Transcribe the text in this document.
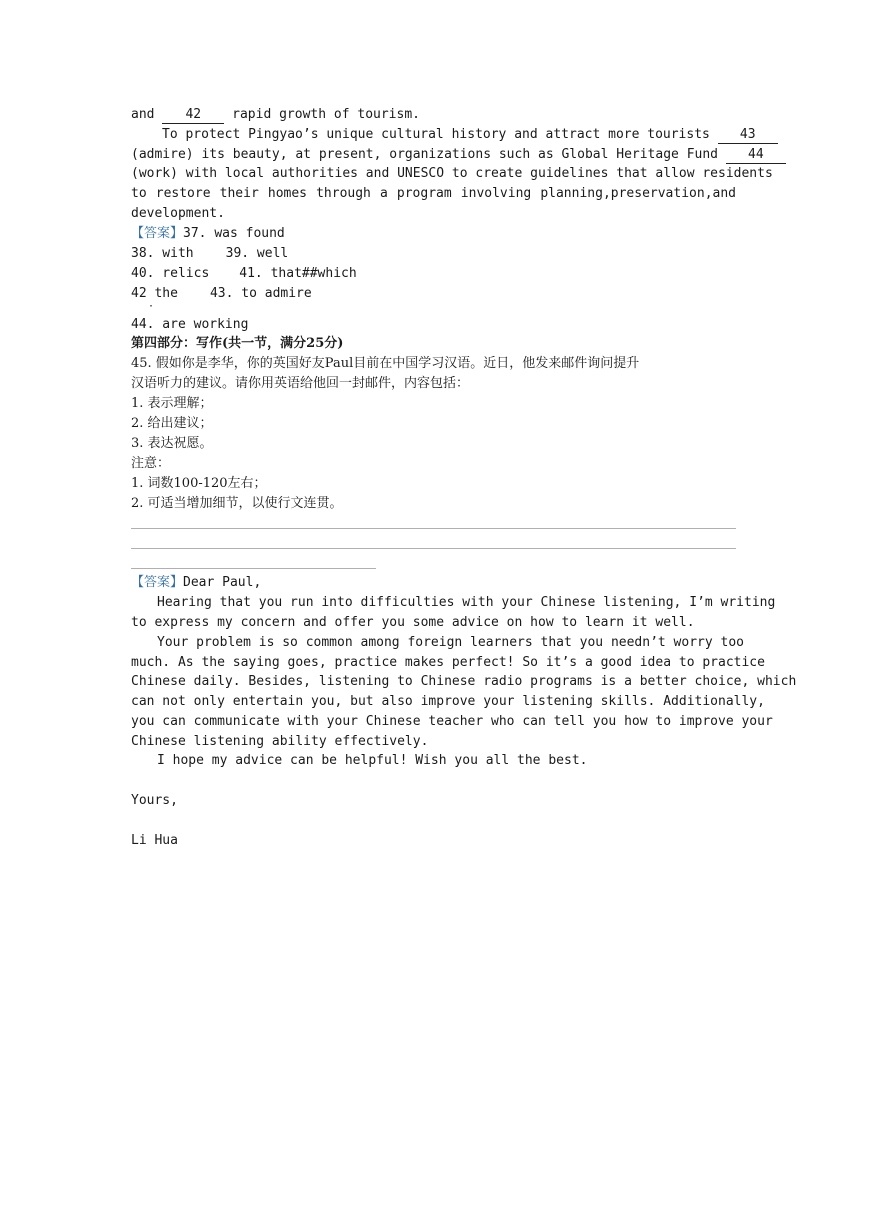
and 42 rapid growth of tourism.
To protect Pingyao’s unique cultural history and attract more tourists 43
(admire) its beauty, at present, organizations such as Global Heritage Fund 44
(work) with local authorities and UNESCO to create guidelines that allow residents
to restore their homes through a program involving planning,preservation,and
development.
【答案】37. was found
38. with 39. well
40. relics 41. that##which
42 the 43. to admire
·
44. are working
第四部分：写作(共一节，满分25分)
45. 假如你是李华，你的英国好友Paul目前在中国学习汉语。近日，他发来邮件询问提升
汉语听力的建议。请你用英语给他回一封邮件，内容包括：
1. 表示理解；
2. 给出建议；
3. 表达祝愿。
注意：
1. 词数100-120左右；
2. 可适当增加细节，以使行文连贯。
【答案】Dear Paul,
Hearing that you run into difficulties with your Chinese listening, I’m writing
to express my concern and offer you some advice on how to learn it well.
Your problem is so common among foreign learners that you needn’t worry too
much. As the saying goes, practice makes perfect! So it’s a good idea to practice
Chinese daily. Besides, listening to Chinese radio programs is a better choice, which
can not only entertain you, but also improve your listening skills. Additionally,
you can communicate with your Chinese teacher who can tell you how to improve your
Chinese listening ability effectively.
I hope my advice can be helpful! Wish you all the best.
Yours,
Li Hua
